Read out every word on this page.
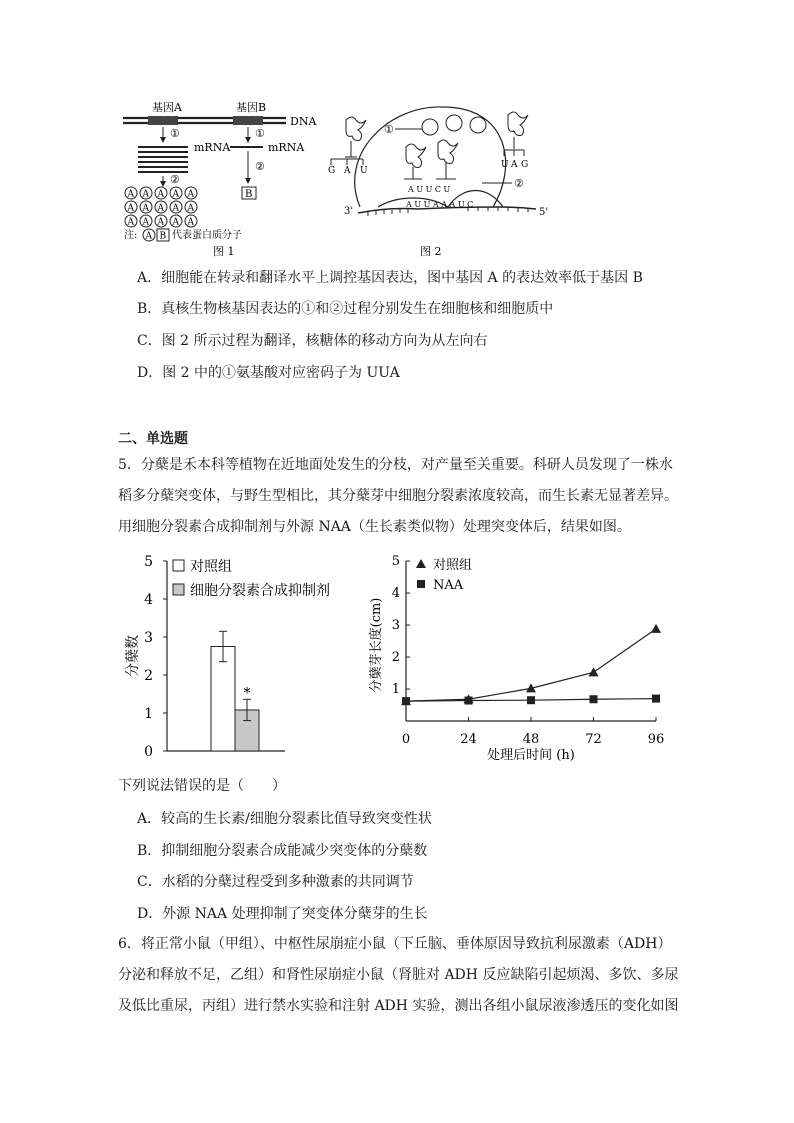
基因A	基因B
DNA
①	①
mRNA	mRNA
②
②
B
A A A A A
A A A A A
A A A A A
注: A B 代表蛋白质分子
图 1
①
G A U
U A G
A U U C U	②
A U U A A A U C
3'	5'
图 2
A．细胞能在转录和翻译水平上调控基因表达，图中基因 A 的表达效率低于基因 B
B．真核生物核基因表达的①和②过程分别发生在细胞核和细胞质中
C．图 2 所示过程为翻译，核糖体的移动方向为从左向右
D．图 2 中的①氨基酸对应密码子为 UUA
二、单选题
5．分蘖是禾本科等植物在近地面处发生的分枝，对产量至关重要。科研人员发现了一株水
稻多分蘖突变体，与野生型相比，其分蘖芽中细胞分裂素浓度较高，而生长素无显著差异。
用细胞分裂素合成抑制剂与外源 NAA（生长素类似物）处理突变体后，结果如图。
0
1
2
3
4
5
分蘖数
*
对照组
细胞分裂素合成抑制剂
1
2
3
4
5
0	24	48	72	96
处理后时间 (h)
分蘖芽长度(cm)
对照组
NAA
下列说法错误的是（　　）
A．较高的生长素/细胞分裂素比值导致突变性状
B．抑制细胞分裂素合成能减少突变体的分蘖数
C．水稻的分蘖过程受到多种激素的共同调节
D．外源 NAA 处理抑制了突变体分蘖芽的生长
6．将正常小鼠（甲组）、中枢性尿崩症小鼠（下丘脑、垂体原因导致抗利尿激素（ADH）
分泌和释放不足，乙组）和肾性尿崩症小鼠（肾脏对 ADH 反应缺陷引起烦渴、多饮、多尿
及低比重尿，丙组）进行禁水实验和注射 ADH 实验，测出各组小鼠尿液渗透压的变化如图
